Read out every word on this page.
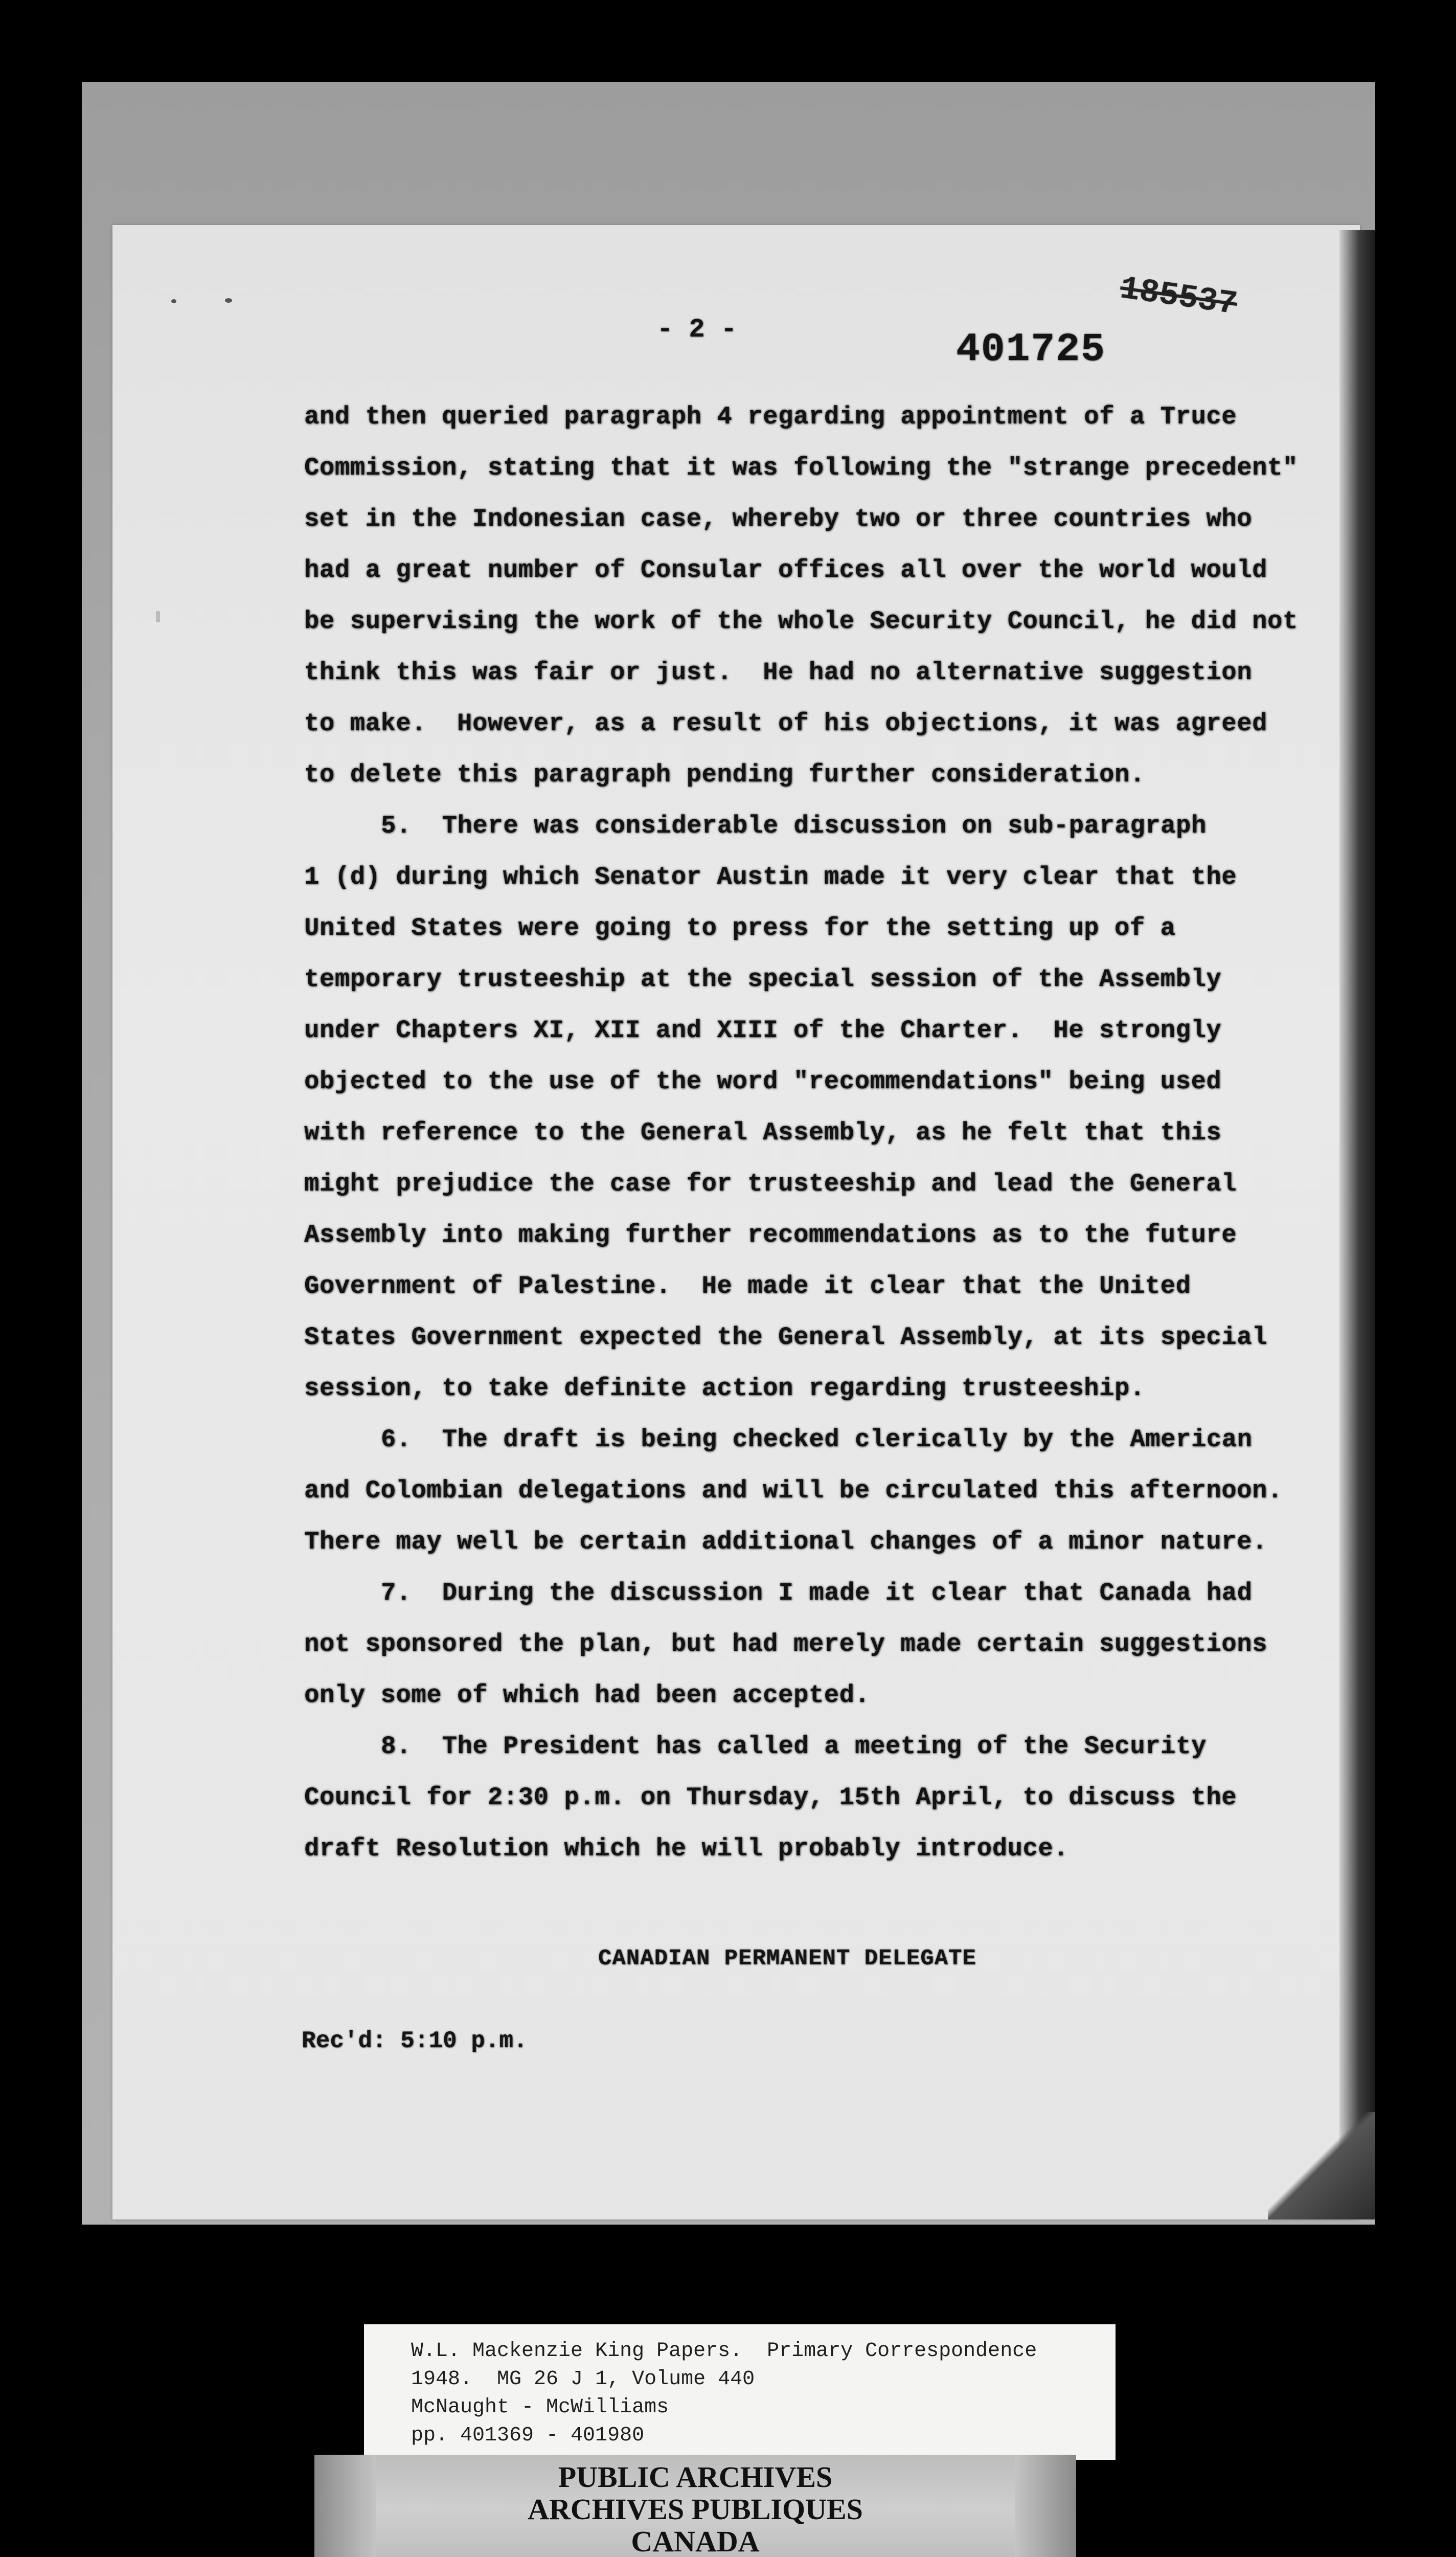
- 2 -	401725
185537
and then queried paragraph 4 regarding appointment of a Truce
Commission, stating that it was following the "strange precedent"
set in the Indonesian case, whereby two or three countries who
had a great number of Consular offices all over the world would
be supervising the work of the whole Security Council, he did not
think this was fair or just.  He had no alternative suggestion
to make.  However, as a result of his objections, it was agreed
to delete this paragraph pending further consideration.
5.  There was considerable discussion on sub-paragraph
1 (d) during which Senator Austin made it very clear that the
United States were going to press for the setting up of a
temporary trusteeship at the special session of the Assembly
under Chapters XI, XII and XIII of the Charter.  He strongly
objected to the use of the word "recommendations" being used
with reference to the General Assembly, as he felt that this
might prejudice the case for trusteeship and lead the General
Assembly into making further recommendations as to the future
Government of Palestine.  He made it clear that the United
States Government expected the General Assembly, at its special
session, to take definite action regarding trusteeship.
6.  The draft is being checked clerically by the American
and Colombian delegations and will be circulated this afternoon.
There may well be certain additional changes of a minor nature.
7.  During the discussion I made it clear that Canada had
not sponsored the plan, but had merely made certain suggestions
only some of which had been accepted.
8.  The President has called a meeting of the Security
Council for 2:30 p.m. on Thursday, 15th April, to discuss the
draft Resolution which he will probably introduce.
CANADIAN PERMANENT DELEGATE
Rec'd: 5:10 p.m.
W.L. Mackenzie King Papers.  Primary Correspondence
1948.  MG 26 J 1, Volume 440
McNaught - McWilliams
pp. 401369 - 401980
PUBLIC ARCHIVES
ARCHIVES PUBLIQUES
CANADA
